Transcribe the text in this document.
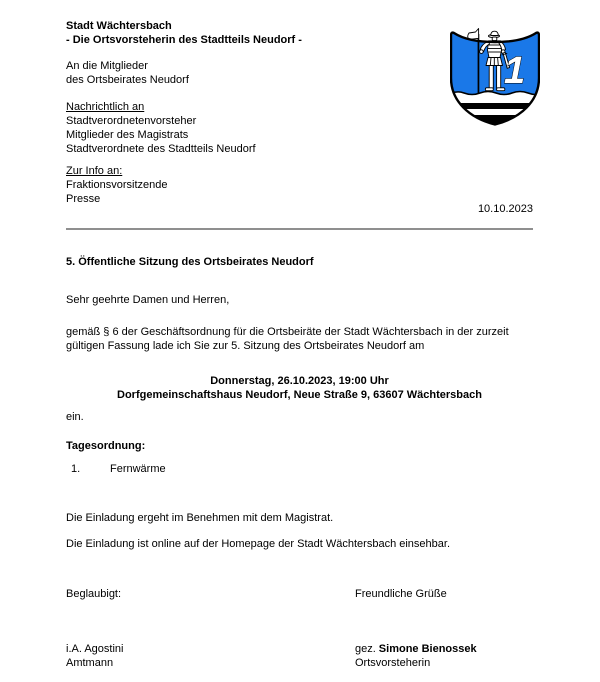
1
Stadt Wächtersbach
- Die Ortsvorsteherin des Stadtteils Neudorf -
An die Mitglieder
des Ortsbeirates Neudorf
Nachrichtlich an
Stadtverordnetenvorsteher
Mitglieder des Magistrats
Stadtverordnete des Stadtteils Neudorf
Zur Info an:
Fraktionsvorsitzende
Presse
10.10.2023
5. Öffentliche Sitzung des Ortsbeirates Neudorf
Sehr geehrte Damen und Herren,
gemäß § 6 der Geschäftsordnung für die Ortsbeiräte der Stadt Wächtersbach in der zurzeit gültigen Fassung lade ich Sie zur 5. Sitzung des Ortsbeirates Neudorf am
Donnerstag, 26.10.2023, 19:00 Uhr
Dorfgemeinschaftshaus Neudorf, Neue Straße 9, 63607 Wächtersbach
ein.
Tagesordnung:
1.	Fernwärme
Die Einladung ergeht im Benehmen mit dem Magistrat.
Die Einladung ist online auf der Homepage der Stadt Wächtersbach einsehbar.
Beglaubigt:	Freundliche Grüße
i.A. Agostini
Amtmann
gez. Simone Bienossek
Ortsvorsteherin
